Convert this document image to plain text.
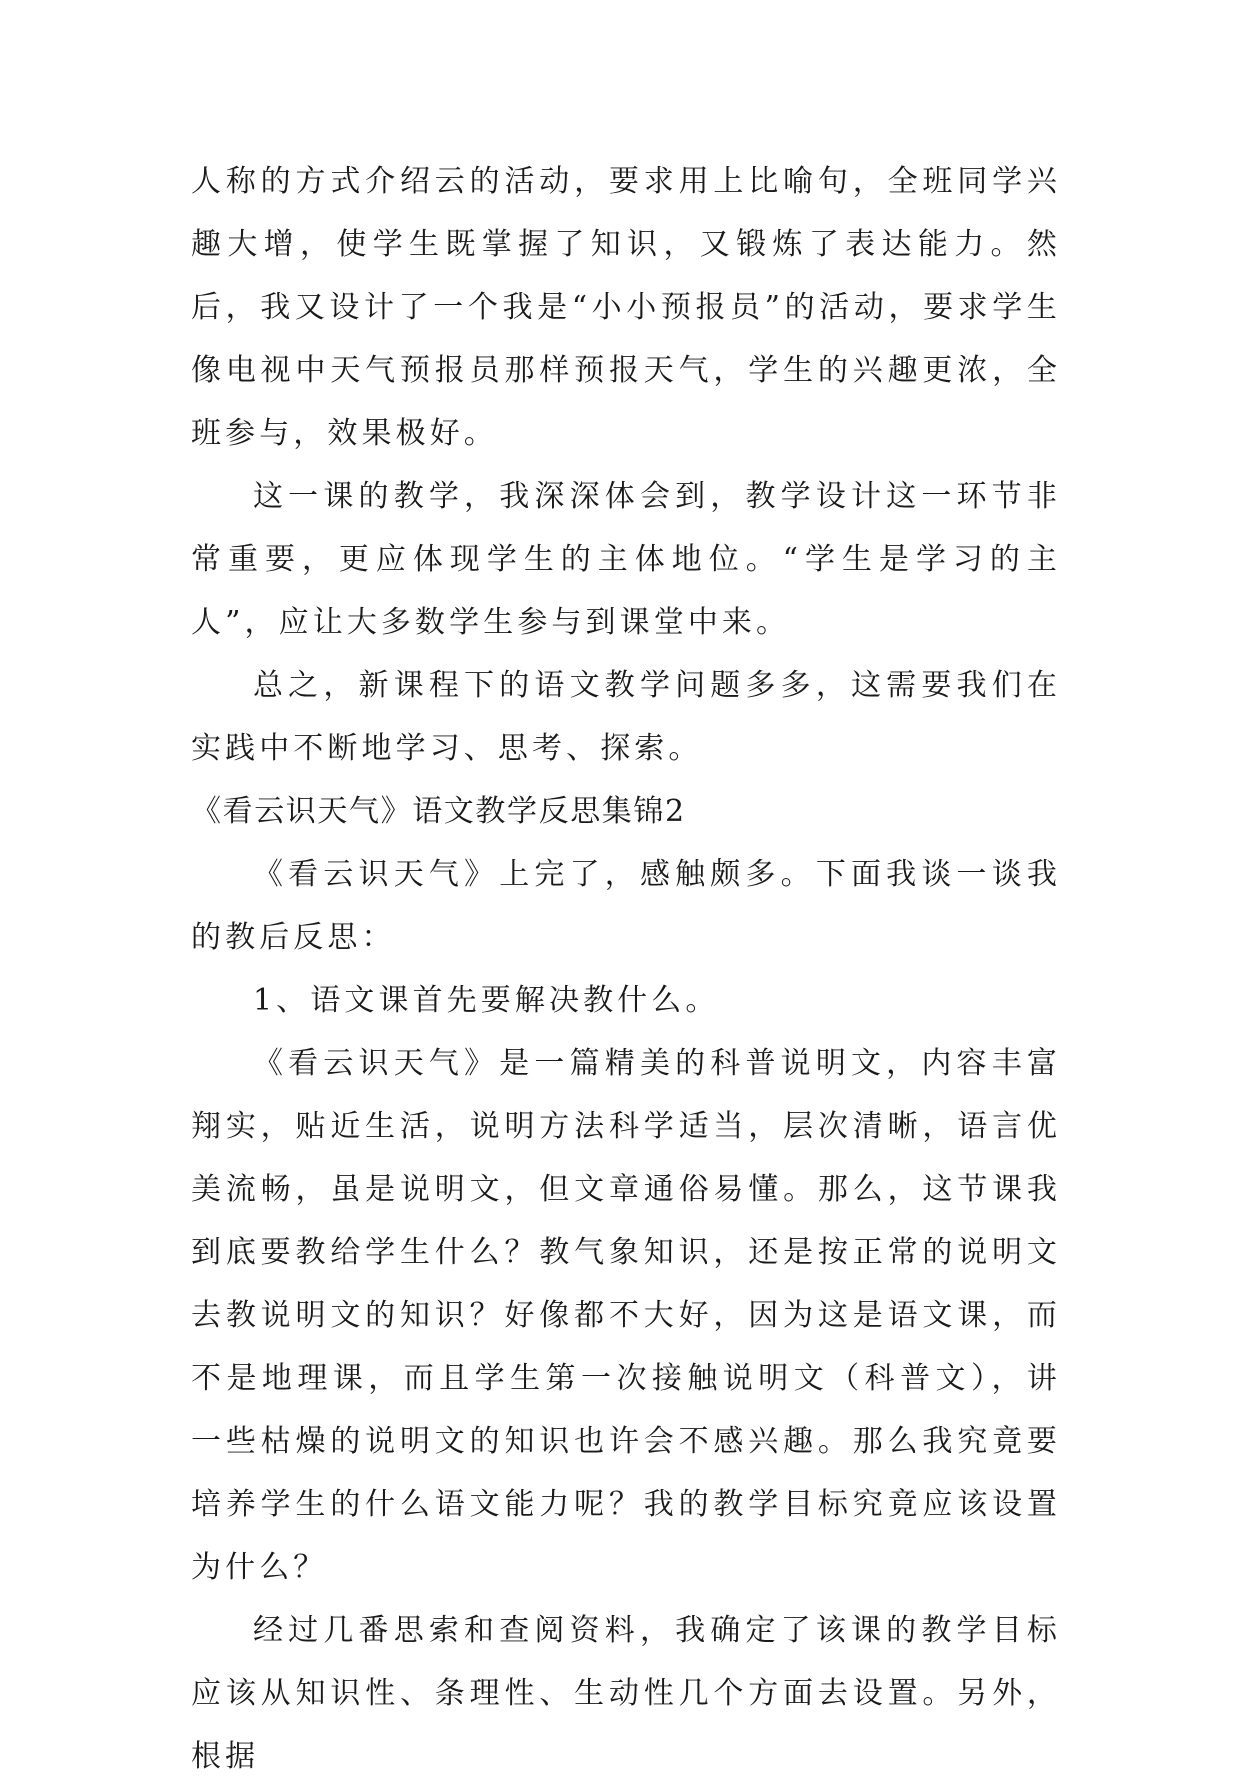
人称的方式介绍云的活动，要求用上比喻句，全班同学兴趣大增，使学生既掌握了知识，又锻炼了表达能力。然后，我又设计了一个我是“小小预报员”的活动，要求学生像电视中天气预报员那样预报天气，学生的兴趣更浓，全班参与，效果极好。

这一课的教学，我深深体会到，教学设计这一环节非常重要，更应体现学生的主体地位。“学生是学习的主人”，应让大多数学生参与到课堂中来。

总之，新课程下的语文教学问题多多，这需要我们在实践中不断地学习、思考、探索。

《看云识天气》语文教学反思集锦2

《看云识天气》上完了，感触颇多。下面我谈一谈我的教后反思：

1、语文课首先要解决教什么。

《看云识天气》是一篇精美的科普说明文，内容丰富翔实，贴近生活，说明方法科学适当，层次清晰，语言优美流畅，虽是说明文，但文章通俗易懂。那么，这节课我到底要教给学生什么？教气象知识，还是按正常的说明文去教说明文的知识？好像都不大好，因为这是语文课，而不是地理课，而且学生第一次接触说明文（科普文），讲一些枯燥的说明文的知识也许会不感兴趣。那么我究竟要培养学生的什么语文能力呢？我的教学目标究竟应该设置为什么？

经过几番思索和查阅资料，我确定了该课的教学目标应该从知识性、条理性、生动性几个方面去设置。另外，根据
